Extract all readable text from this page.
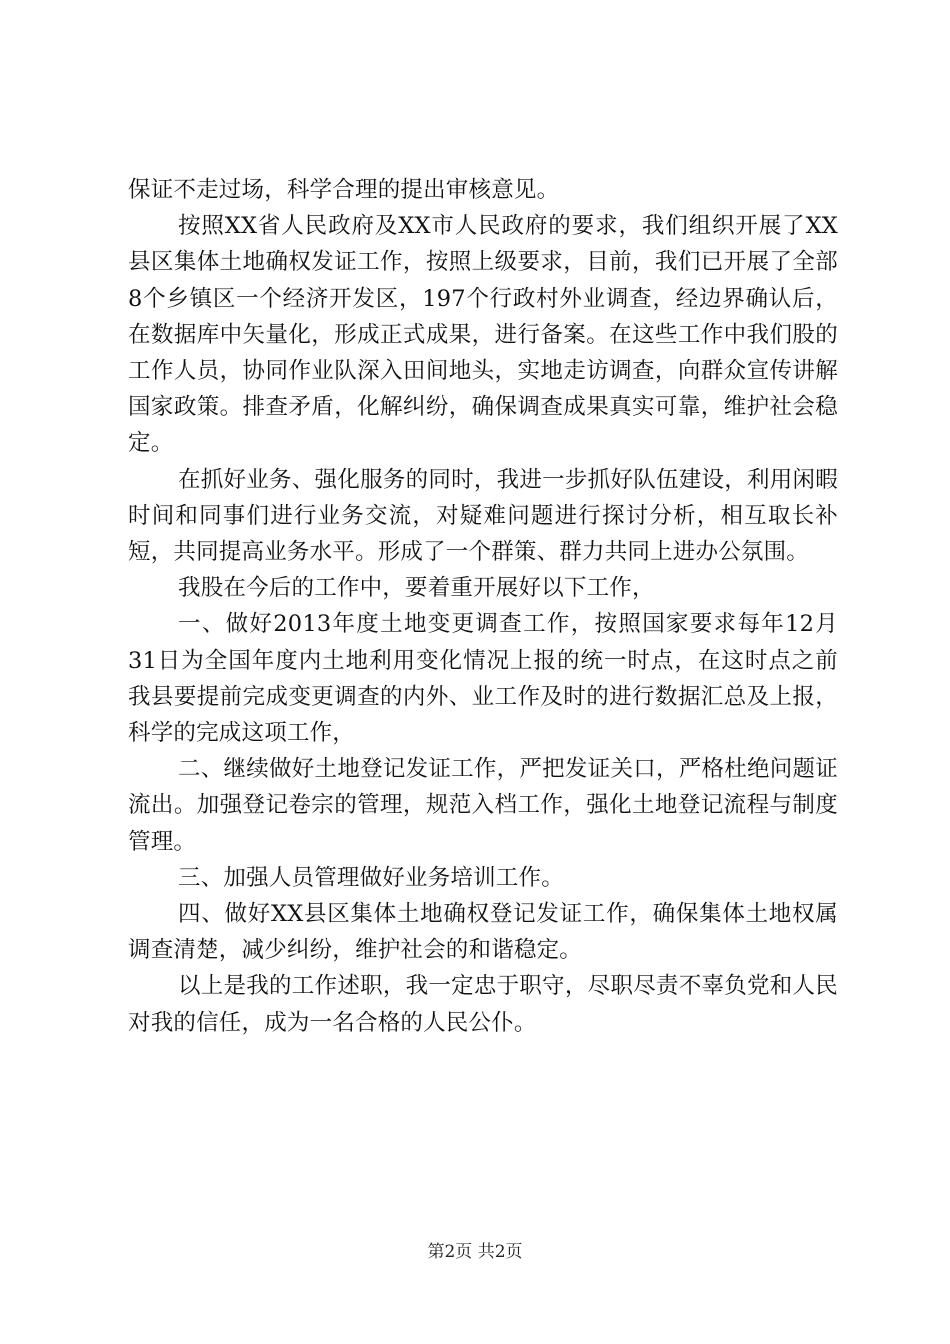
保证不走过场，科学合理的提出审核意见。

按照XX省人民政府及XX市人民政府的要求，我们组织开展了XX县区集体土地确权发证工作，按照上级要求，目前，我们已开展了全部8个乡镇区一个经济开发区，197个行政村外业调查，经边界确认后，在数据库中矢量化，形成正式成果，进行备案。在这些工作中我们股的工作人员，协同作业队深入田间地头，实地走访调查，向群众宣传讲解国家政策。排查矛盾，化解纠纷，确保调查成果真实可靠，维护社会稳定。

在抓好业务、强化服务的同时，我进一步抓好队伍建设，利用闲暇时间和同事们进行业务交流，对疑难问题进行探讨分析，相互取长补短，共同提高业务水平。形成了一个群策、群力共同上进办公氛围。

我股在今后的工作中，要着重开展好以下工作，

一、做好2013年度土地变更调查工作，按照国家要求每年12月31日为全国年度内土地利用变化情况上报的统一时点，在这时点之前我县要提前完成变更调查的内外、业工作及时的进行数据汇总及上报，科学的完成这项工作，

二、继续做好土地登记发证工作，严把发证关口，严格杜绝问题证流出。加强登记卷宗的管理，规范入档工作，强化土地登记流程与制度管理。

三、加强人员管理做好业务培训工作。

四、做好XX县区集体土地确权登记发证工作，确保集体土地权属调查清楚，减少纠纷，维护社会的和谐稳定。

以上是我的工作述职，我一定忠于职守，尽职尽责不辜负党和人民对我的信任，成为一名合格的人民公仆。

第2页 共2页
